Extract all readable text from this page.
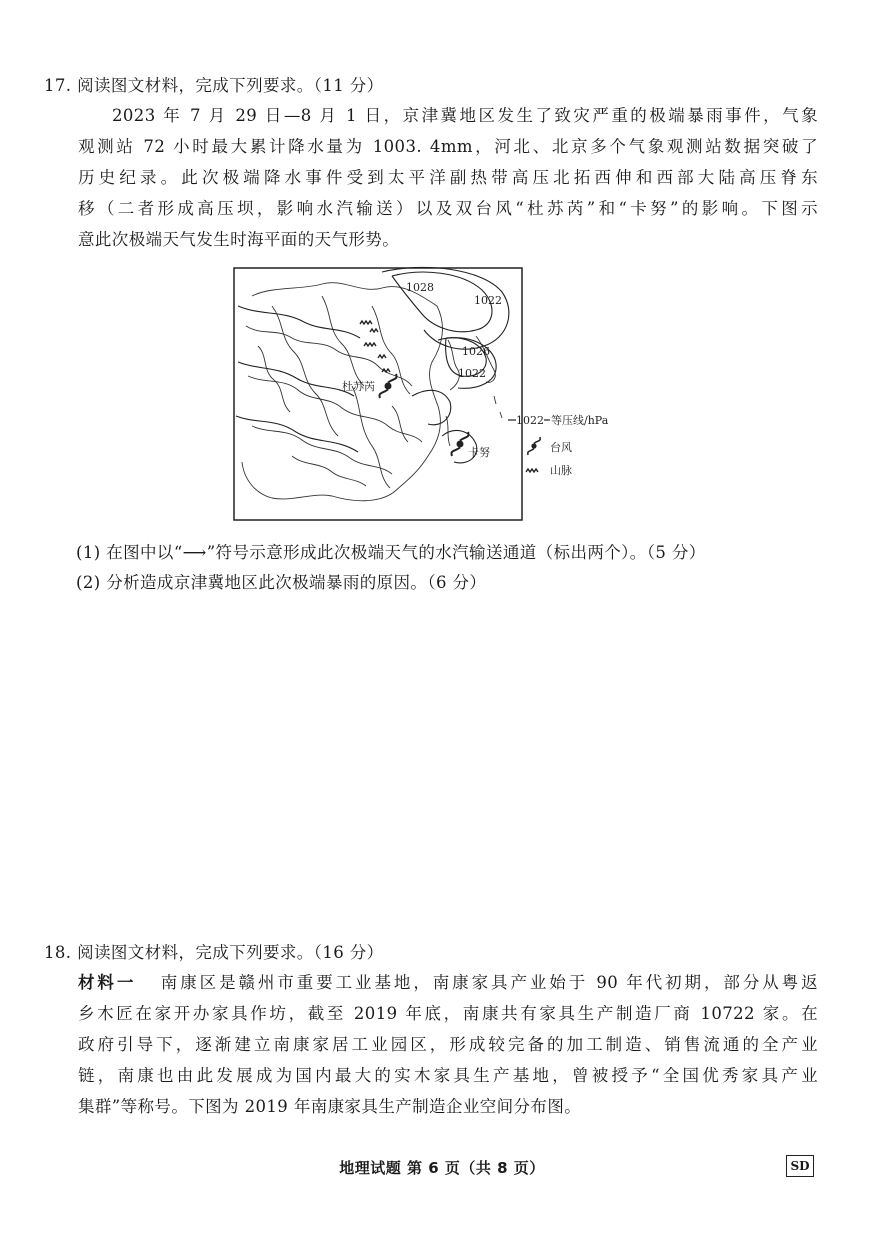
17. 阅读图文材料，完成下列要求。（11 分）
2023 年 7 月 29 日—8 月 1 日，京津冀地区发生了致灾严重的极端暴雨事件，气象
观测站 72 小时最大累计降水量为 1003. 4mm，河北、北京多个气象观测站数据突破了
历史纪录。此次极端降水事件受到太平洋副热带高压北拓西伸和西部大陆高压脊东
移（二者形成高压坝，影响水汽输送）以及双台风“杜苏芮”和“卡努”的影响。下图示
意此次极端天气发生时海平面的天气形势。
1028
1022
1026
1022
杜苏芮
卡努
1022 等压线/hPa
台风
山脉
(1) 在图中以“⟶”符号示意形成此次极端天气的水汽输送通道（标出两个）。（5 分）
(2) 分析造成京津冀地区此次极端暴雨的原因。（6 分）
18. 阅读图文材料，完成下列要求。（16 分）
材料一 南康区是赣州市重要工业基地，南康家具产业始于 90 年代初期，部分从粤返
乡木匠在家开办家具作坊，截至 2019 年底，南康共有家具生产制造厂商 10722 家。在
政府引导下，逐渐建立南康家居工业园区，形成较完备的加工制造、销售流通的全产业
链，南康也由此发展成为国内最大的实木家具生产基地，曾被授予“全国优秀家具产业
集群”等称号。下图为 2019 年南康家具生产制造企业空间分布图。
地理试题 第 6 页（共 8 页）	SD
